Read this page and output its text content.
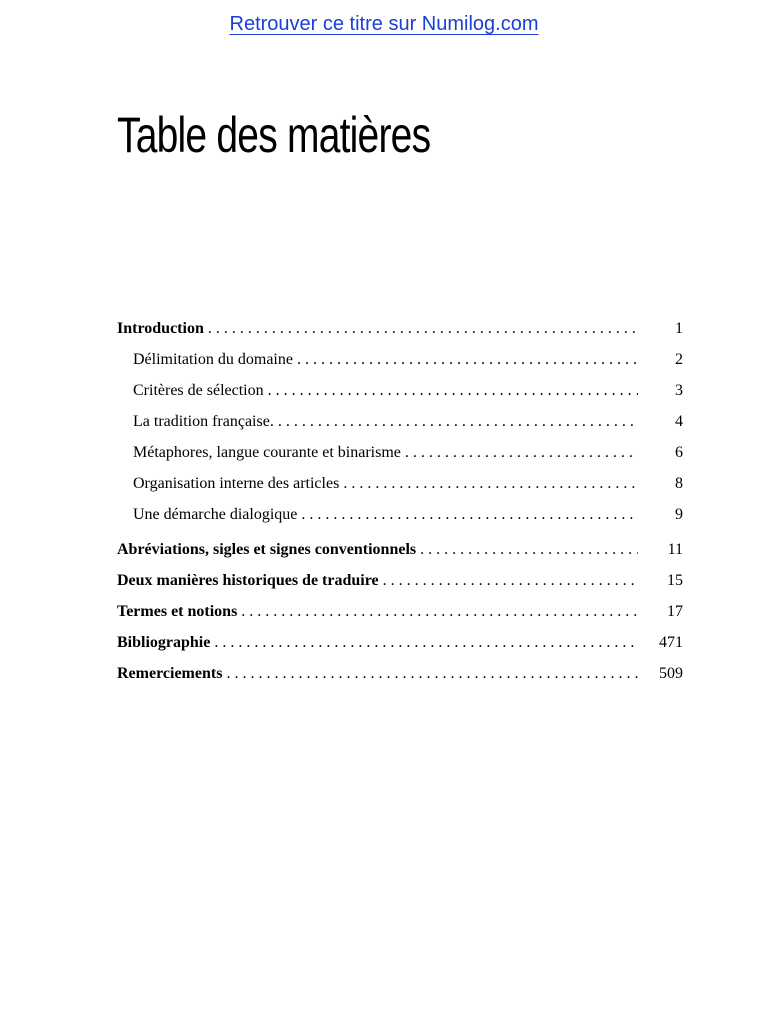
Retrouver ce titre sur Numilog.com
Table des matières
Introduction . . .	1
Délimitation du domaine . . .	2
Critères de sélection . . .	3
La tradition française. . . .	4
Métaphores, langue courante et binarisme . . .	6
Organisation interne des articles . . .	8
Une démarche dialogique . . .	9
Abréviations, sigles et signes conventionnels . . .	11
Deux manières historiques de traduire . . .	15
Termes et notions . . .	17
Bibliographie . . .	471
Remerciements . . .	509
